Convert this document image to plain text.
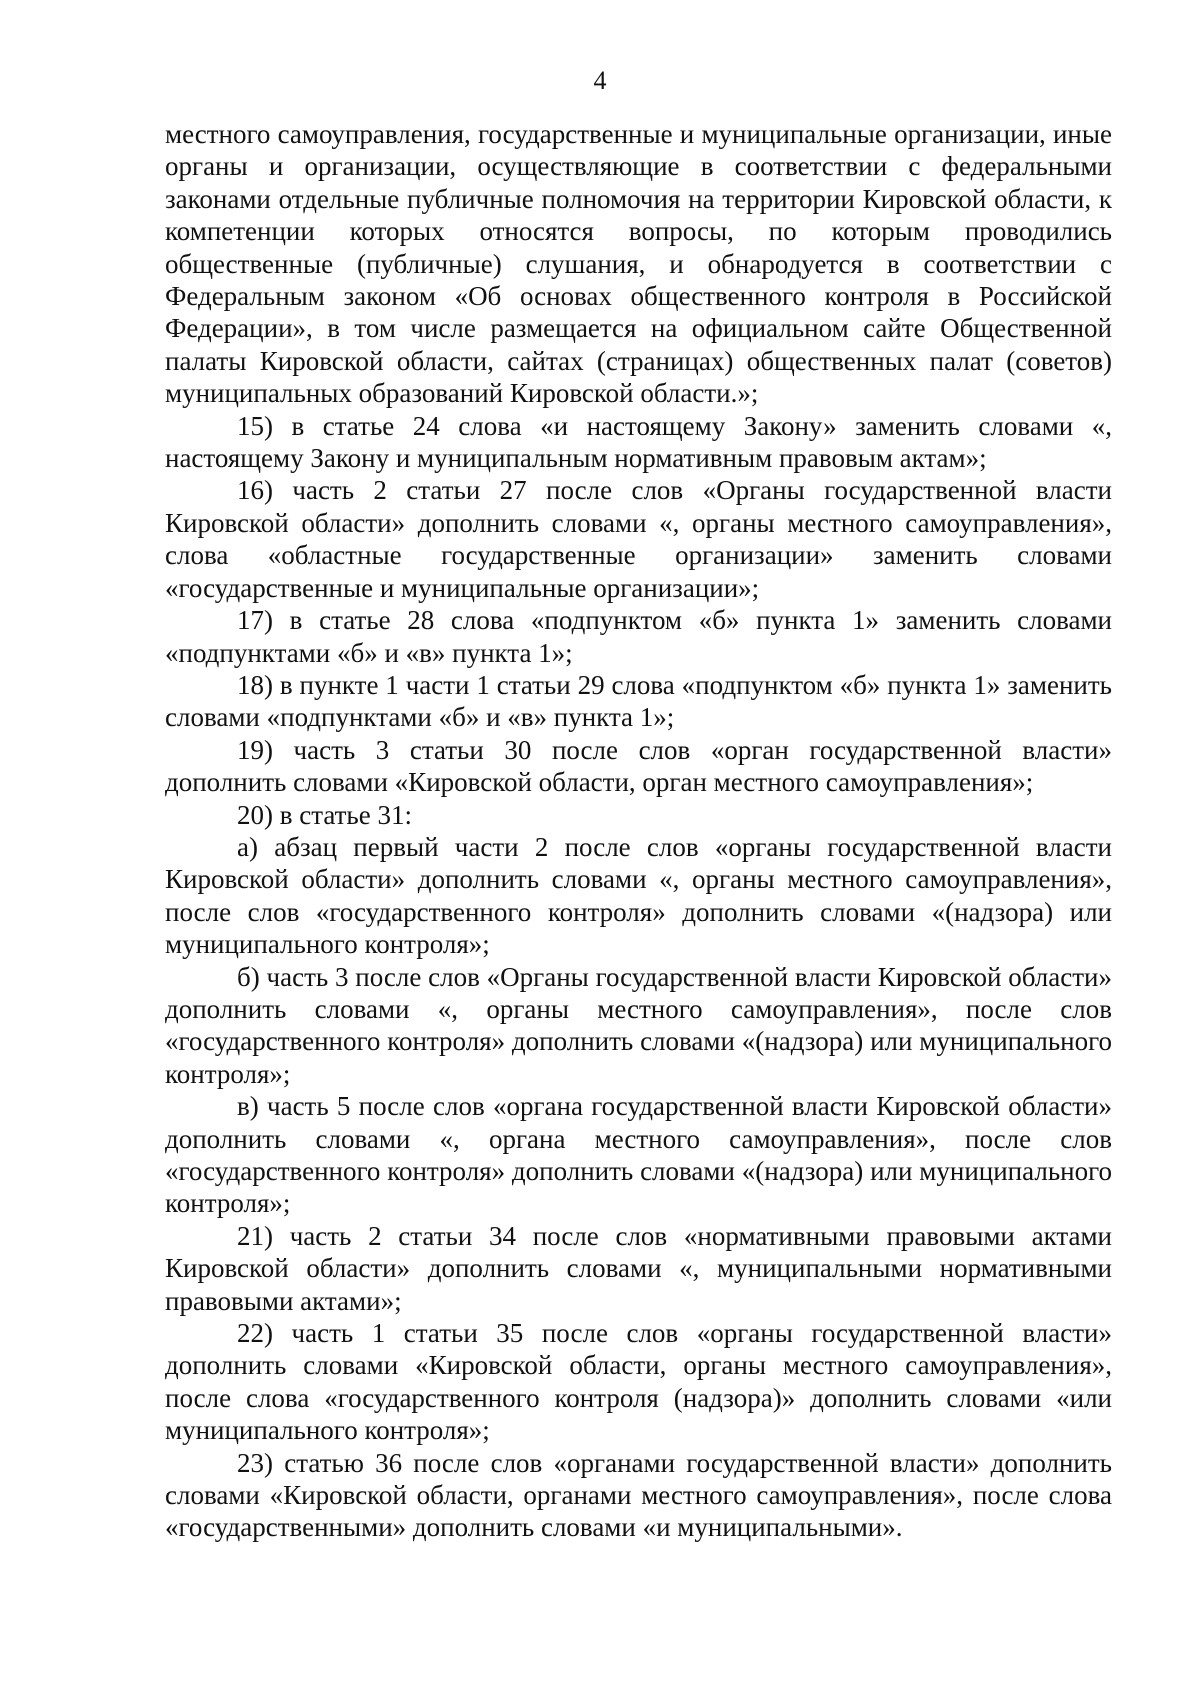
4

местного самоуправления, государственные и муниципальные организации, иные органы и организации, осуществляющие в соответствии с федеральными законами отдельные публичные полномочия на территории Кировской области, к компетенции которых относятся вопросы, по которым проводились общественные (публичные) слушания, и обнародуется в соответствии с Федеральным законом «Об основах общественного контроля в Российской Федерации», в том числе размещается на официальном сайте Общественной палаты Кировской области, сайтах (страницах) общественных палат (советов) муниципальных образований Кировской области.»;

15) в статье 24 слова «и настоящему Закону» заменить словами «, настоящему Закону и муниципальным нормативным правовым актам»;

16) часть 2 статьи 27 после слов «Органы государственной власти Кировской области» дополнить словами «, органы местного самоуправления», слова «областные государственные организации» заменить словами «государственные и муниципальные организации»;

17) в статье 28 слова «подпунктом «б» пункта 1» заменить словами «подпунктами «б» и «в» пункта 1»;

18) в пункте 1 части 1 статьи 29 слова «подпунктом «б» пункта 1» заменить словами «подпунктами «б» и «в» пункта 1»;

19) часть 3 статьи 30 после слов «орган государственной власти» дополнить словами «Кировской области, орган местного самоуправления»;

20) в статье 31:

а) абзац первый части 2 после слов «органы государственной власти Кировской области» дополнить словами «, органы местного самоуправления», после слов «государственного контроля» дополнить словами «(надзора) или муниципального контроля»;

б) часть 3 после слов «Органы государственной власти Кировской области» дополнить словами «, органы местного самоуправления», после слов «государственного контроля» дополнить словами «(надзора) или муниципального контроля»;

в) часть 5 после слов «органа государственной власти Кировской области» дополнить словами «, органа местного самоуправления», после слов «государственного контроля» дополнить словами «(надзора) или муниципального контроля»;

21) часть 2 статьи 34 после слов «нормативными правовыми актами Кировской области» дополнить словами «, муниципальными нормативными правовыми актами»;

22) часть 1 статьи 35 после слов «органы государственной власти» дополнить словами «Кировской области, органы местного самоуправления», после слова «государственного контроля (надзора)» дополнить словами «или муниципального контроля»;

23) статью 36 после слов «органами государственной власти» дополнить словами «Кировской области, органами местного самоуправления», после слова «государственными» дополнить словами «и муниципальными».
